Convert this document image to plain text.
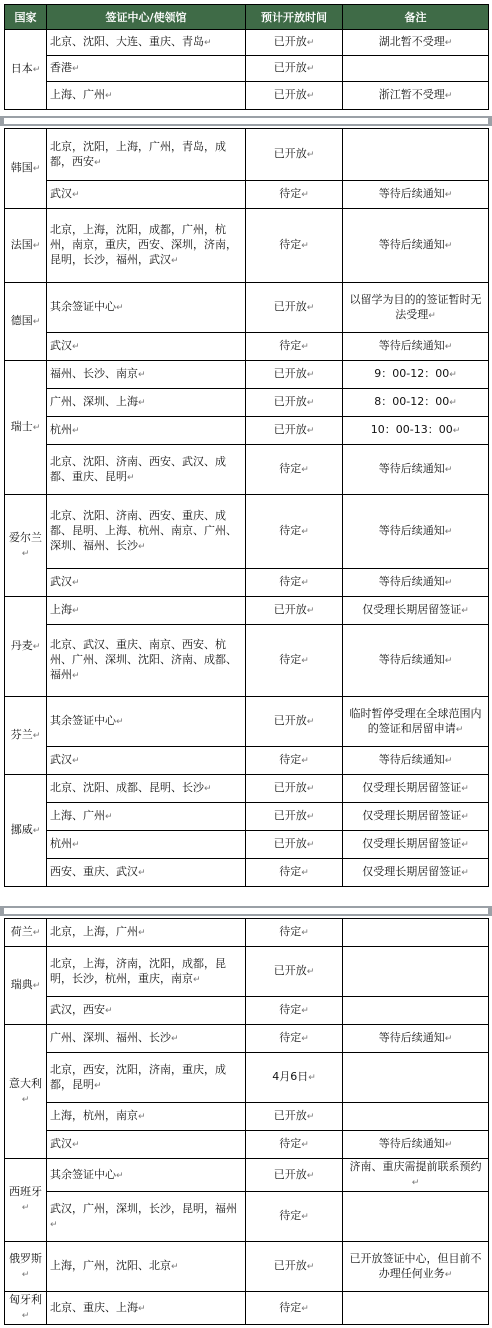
国家	签证中心/使领馆	预计开放时间	备注
日本↵	北京、沈阳、大连、重庆、青岛↵	已开放↵	湖北暂不受理↵
	香港↵	已开放↵	
	上海、广州↵	已开放↵	浙江暂不受理↵
韩国↵	北京，沈阳，上海，广州，青岛，成都，西安↵	已开放↵	
	武汉↵	待定↵	等待后续通知↵
法国↵	北京，上海，沈阳，成都，广州，杭州，南京，重庆，西安、深圳，济南，昆明，长沙，福州，武汉↵	待定↵	等待后续通知↵
德国↵	其余签证中心↵	已开放↵	以留学为目的的签证暂时无法受理↵
	武汉↵	待定↵	等待后续通知↵
瑞士↵	福州、长沙、南京↵	已开放↵	9：00-12：00↵
	广州、深圳、上海↵	已开放↵	8：00-12：00↵
	杭州↵	已开放↵	10：00-13：00↵
	北京、沈阳、济南、西安、武汉、成都、重庆、昆明↵	待定↵	等待后续通知↵
爱尔兰↵	北京、沈阳、济南、西安、重庆、成都、昆明、上海、杭州、南京、广州、深圳、福州、长沙↵	待定↵	等待后续通知↵
	武汉↵	待定↵	等待后续通知↵
丹麦↵	上海↵	已开放↵	仅受理长期居留签证↵
	北京、武汉、重庆、南京、西安、杭州、广州、深圳、沈阳、济南、成都、福州↵	待定↵	等待后续通知↵
芬兰↵	其余签证中心↵	已开放↵	临时暂停受理在全球范围内的签证和居留申请↵
	武汉↵	待定↵	等待后续通知↵
挪威↵	北京、沈阳、成都、昆明、长沙↵	已开放↵	仅受理长期居留签证↵
	上海、广州↵	已开放↵	仅受理长期居留签证↵
	杭州↵	已开放↵	仅受理长期居留签证↵
	西安、重庆、武汉↵	待定↵	仅受理长期居留签证↵
荷兰↵	北京，上海，广州↵	待定↵	
瑞典↵	北京，上海，济南，沈阳，成都，昆明，长沙，杭州，重庆，南京↵	已开放↵	
	武汉，西安↵	待定↵	
意大利↵	广州、深圳、福州、长沙↵	待定↵	等待后续通知↵
	北京，西安，沈阳，济南，重庆，成都，昆明↵	4月6日↵	
	上海，杭州，南京↵	已开放↵	
	武汉↵	待定↵	等待后续通知↵
西班牙↵	其余签证中心↵	已开放↵	济南、重庆需提前联系预约↵
	武汉，广州，深圳，长沙，昆明，福州↵	待定↵	
俄罗斯↵	上海，广州，沈阳、北京↵	已开放↵	已开放签证中心，但目前不办理任何业务↵
匈牙利↵	北京、重庆、上海↵	待定↵	
